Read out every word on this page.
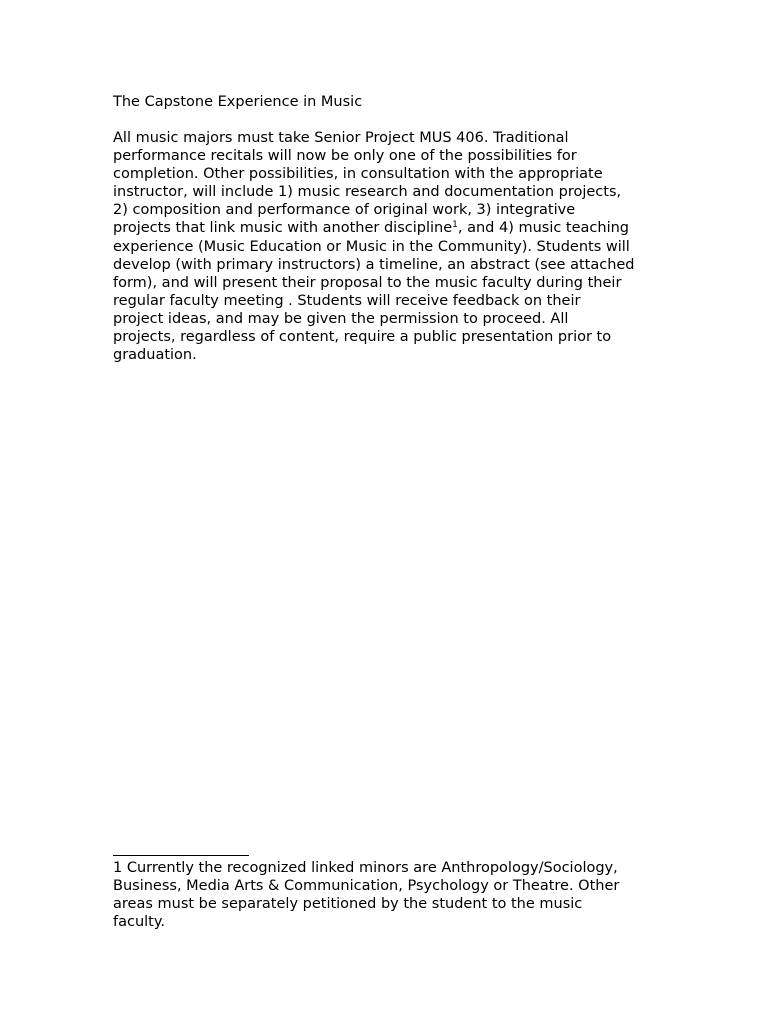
The Capstone Experience in Music
All music majors must take Senior Project MUS 406. Traditional
performance recitals will now be only one of the possibilities for
completion. Other possibilities, in consultation with the appropriate
instructor, will include 1) music research and documentation projects,
2) composition and performance of original work, 3) integrative
projects that link music with another discipline$^1$, and 4) music teaching
experience (Music Education or Music in the Community). Students will
develop (with primary instructors) a timeline, an abstract (see attached
form), and will present their proposal to the music faculty during their
regular faculty meeting . Students will receive feedback on their
project ideas, and may be given the permission to proceed. All
projects, regardless of content, require a public presentation prior to
graduation.
1 Currently the recognized linked minors are Anthropology/Sociology,
Business, Media Arts & Communication, Psychology or Theatre. Other
areas must be separately petitioned by the student to the music
faculty.
